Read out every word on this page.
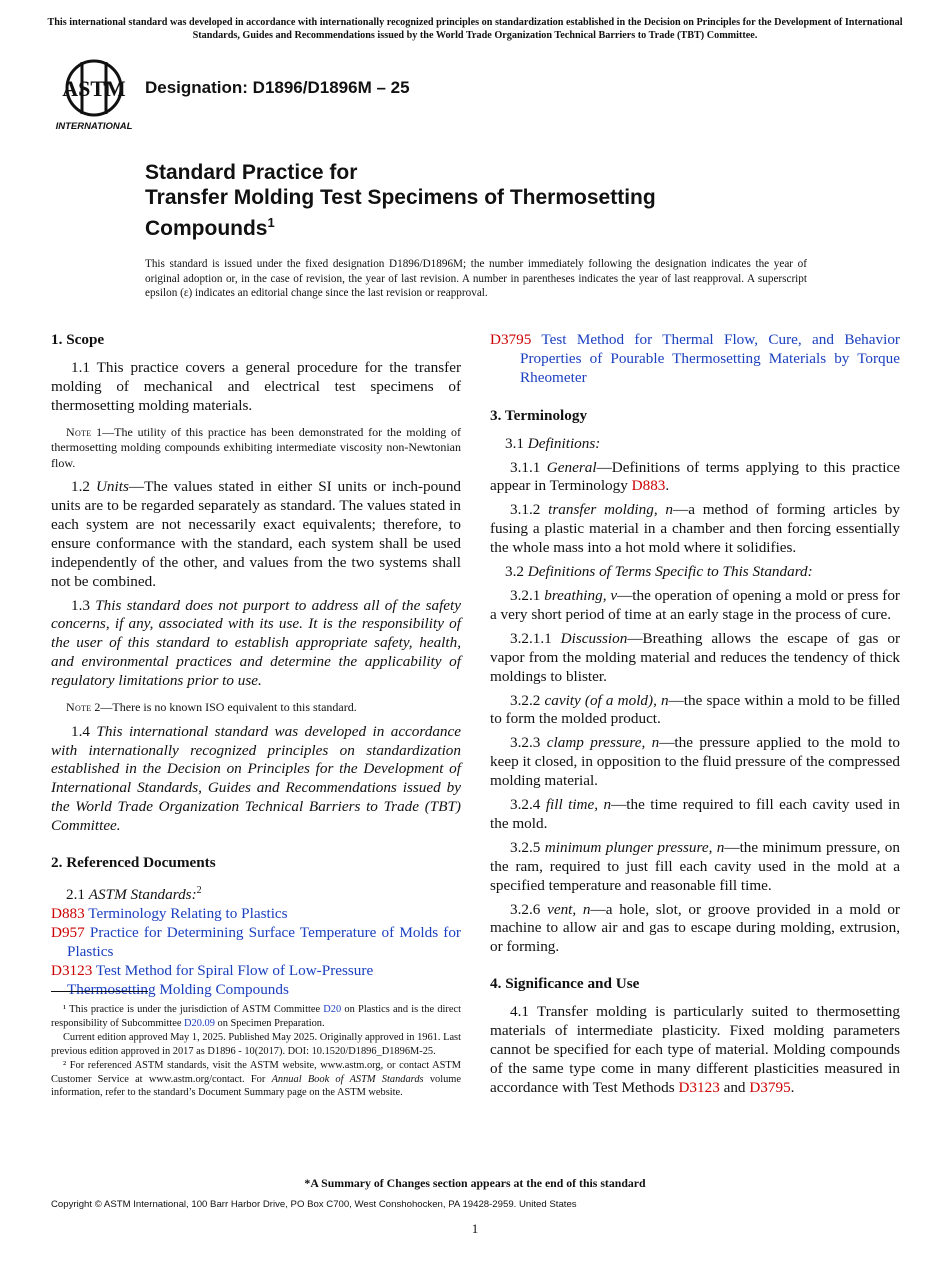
This international standard was developed in accordance with internationally recognized principles on standardization established in the Decision on Principles for the Development of International Standards, Guides and Recommendations issued by the World Trade Organization Technical Barriers to Trade (TBT) Committee.
ASTM
INTERNATIONAL
Designation: D1896/D1896M – 25
Standard Practice for
Transfer Molding Test Specimens of Thermosetting
Compounds$^1$
This standard is issued under the fixed designation D1896/D1896M; the number immediately following the designation indicates the year of original adoption or, in the case of revision, the year of last revision. A number in parentheses indicates the year of last reapproval. A superscript epsilon (ε) indicates an editorial change since the last revision or reapproval.
1. Scope

1.1 This practice covers a general procedure for the transfer molding of mechanical and electrical test specimens of thermosetting molding materials.

Note 1—The utility of this practice has been demonstrated for the molding of thermosetting molding compounds exhibiting intermediate viscosity non-Newtonian flow.

1.2 Units—The values stated in either SI units or inch-pound units are to be regarded separately as standard. The values stated in each system are not necessarily exact equivalents; therefore, to ensure conformance with the standard, each system shall be used independently of the other, and values from the two systems shall not be combined.

1.3 This standard does not purport to address all of the safety concerns, if any, associated with its use. It is the responsibility of the user of this standard to establish appropriate safety, health, and environmental practices and determine the applicability of regulatory limitations prior to use.

Note 2—There is no known ISO equivalent to this standard.

1.4 This international standard was developed in accordance with internationally recognized principles on standardization established in the Decision on Principles for the Development of International Standards, Guides and Recommendations issued by the World Trade Organization Technical Barriers to Trade (TBT) Committee.

2. Referenced Documents

2.1 ASTM Standards:$^2$

D883 Terminology Relating to Plastics

D957 Practice for Determining Surface Temperature of Molds for Plastics

D3123 Test Method for Spiral Flow of Low-Pressure Thermosetting Molding Compounds

¹ This practice is under the jurisdiction of ASTM Committee D20 on Plastics and is the direct responsibility of Subcommittee D20.09 on Specimen Preparation.

Current edition approved May 1, 2025. Published May 2025. Originally approved in 1961. Last previous edition approved in 2017 as D1896 - 10(2017). DOI: 10.1520/D1896_D1896M-25.

² For referenced ASTM standards, visit the ASTM website, www.astm.org, or contact ASTM Customer Service at www.astm.org/contact. For Annual Book of ASTM Standards volume information, refer to the standard’s Document Summary page on the ASTM website.

D3795 Test Method for Thermal Flow, Cure, and Behavior Properties of Pourable Thermosetting Materials by Torque Rheometer

3. Terminology

3.1 Definitions:

3.1.1 General—Definitions of terms applying to this practice appear in Terminology D883.

3.1.2 transfer molding, n—a method of forming articles by fusing a plastic material in a chamber and then forcing essentially the whole mass into a hot mold where it solidifies.

3.2 Definitions of Terms Specific to This Standard:

3.2.1 breathing, v—the operation of opening a mold or press for a very short period of time at an early stage in the process of cure.

3.2.1.1 Discussion—Breathing allows the escape of gas or vapor from the molding material and reduces the tendency of thick moldings to blister.

3.2.2 cavity (of a mold), n—the space within a mold to be filled to form the molded product.

3.2.3 clamp pressure, n—the pressure applied to the mold to keep it closed, in opposition to the fluid pressure of the compressed molding material.

3.2.4 fill time, n—the time required to fill each cavity used in the mold.

3.2.5 minimum plunger pressure, n—the minimum pressure, on the ram, required to just fill each cavity used in the mold at a specified temperature and reasonable fill time.

3.2.6 vent, n—a hole, slot, or groove provided in a mold or machine to allow air and gas to escape during molding, extrusion, or forming.

4. Significance and Use

4.1 Transfer molding is particularly suited to thermosetting materials of intermediate plasticity. Fixed molding parameters cannot be specified for each type of material. Molding compounds of the same type come in many different plasticities measured in accordance with Test Methods D3123 and D3795.

*A Summary of Changes section appears at the end of this standard
Copyright © ASTM International, 100 Barr Harbor Drive, PO Box C700, West Conshohocken, PA 19428-2959. United States
1
